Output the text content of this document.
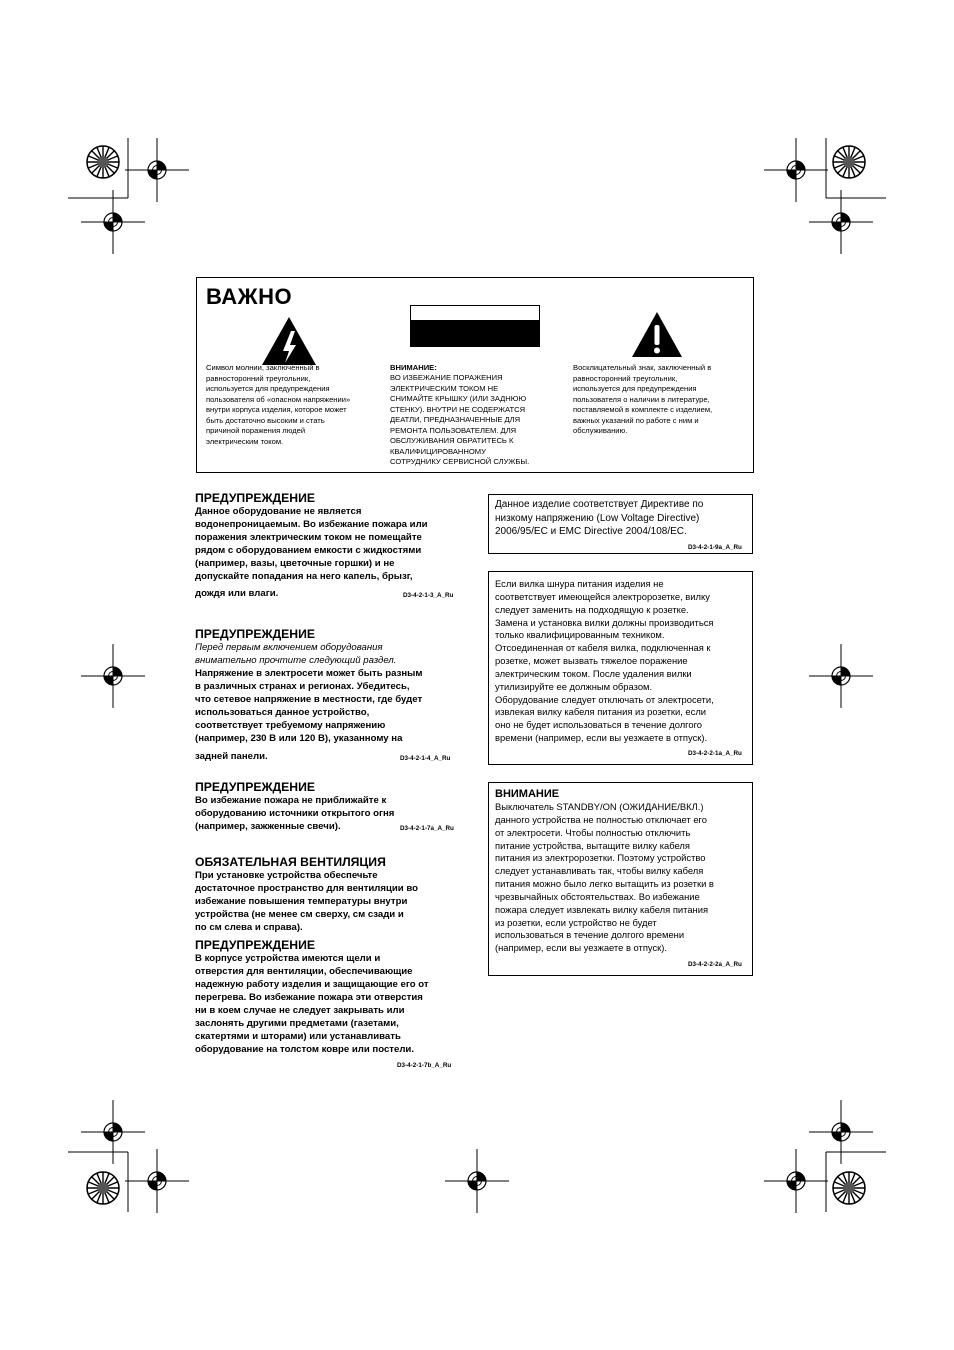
ВАЖНО
Символ молнии, заключенный в
равносторонний треугольник,
используется для предупреждения
пользователя об «опасном напряжении»
внутри корпуса изделия, которое может
быть достаточно высоким и стать
причиной поражения людей
электрическим током.
ВНИМАНИЕ:
ВО ИЗБЕЖАНИЕ ПОРАЖЕНИЯ
ЭЛЕКТРИЧЕСКИМ ТОКОМ НЕ
СНИМАЙТЕ КРЫШКУ (ИЛИ ЗАДНЮЮ
СТЕНКУ). ВНУТРИ НЕ СОДЕРЖАТСЯ
ДЕАТЛИ, ПРЕДНАЗНАЧЕННЫЕ ДЛЯ
РЕМОНТА ПОЛЬЗОВАТЕЛЕМ. ДЛЯ
ОБСЛУЖИВАНИЯ ОБРАТИТЕСЬ К
КВАЛИФИЦИРОВАННОМУ
СОТРУДНИКУ СЕРВИСНОЙ СЛУЖБЫ.
Восклицательный знак, заключенный в
равносторонний треугольник,
используется для предупреждения
пользователя о наличии в литературе,
поставляемой в комплекте с изделием,
важных указаний по работе с ним и
обслуживанию.
ПРЕДУПРЕЖДЕНИЕ
Данное оборудование не является
водонепроницаемым. Во избежание пожара или
поражения электрическим током не помещайте
рядом с оборудованием емкости с жидкостями
(например, вазы, цветочные горшки) и не
допускайте попадания на него капель, брызг,
дождя или влаги.	D3-4-2-1-3_A_Ru
ПРЕДУПРЕЖДЕНИЕ
Перед первым включением оборудования
внимательно прочтите следующий раздел.
Напряжение в электросети может быть разным
в различных странах и регионах. Убедитесь,
что сетевое напряжение в местности, где будет
использоваться данное устройство,
соответствует требуемому напряжению
(например, 230 В или 120 В), указанному на
задней панели.	D3-4-2-1-4_A_Ru
ПРЕДУПРЕЖДЕНИЕ
Во избежание пожара не приближайте к
оборудованию источники открытого огня
(например, зажженные свечи).	D3-4-2-1-7a_A_Ru
ОБЯЗАТЕЛЬНАЯ ВЕНТИЛЯЦИЯ
При установке устройства обеспечьте
достаточное пространство для вентиляции во
избежание повышения температуры внутри
устройства (не менее см сверху, см сзади и
по см слева и справа).
ПРЕДУПРЕЖДЕНИЕ
В корпусе устройства имеются щели и
отверстия для вентиляции, обеспечивающие
надежную работу изделия и защищающие его от
перегрева. Во избежание пожара эти отверстия
ни в коем случае не следует закрывать или
заслонять другими предметами (газетами,
скатертями и шторами) или устанавливать
оборудование на толстом ковре или постели.
D3-4-2-1-7b_A_Ru
Данное изделие соответствует Директиве по
низкому напряжению (Low Voltage Directive)
2006/95/EC и EMC Directive 2004/108/EC.
D3-4-2-1-9a_A_Ru
Если вилка шнура питания изделия не
соответствует имеющейся электророзетке, вилку
следует заменить на подходящую к розетке.
Замена и установка вилки должны производиться
только квалифицированным техником.
Отсоединенная от кабеля вилка, подключенная к
розетке, может вызвать тяжелое поражение
электрическим током. После удаления вилки
утилизируйте ее должным образом.
Оборудование следует отключать от электросети,
извлекая вилку кабеля питания из розетки, если
оно не будет использоваться в течение долгого
времени (например, если вы уезжаете в отпуск).
D3-4-2-2-1a_A_Ru
ВНИМАНИЕ
Выключатель STANDBY/ON (ОЖИДАНИЕ/ВКЛ.)
данного устройства не полностью отключает его
от электросети. Чтобы полностью отключить
питание устройства, вытащите вилку кабеля
питания из электророзетки. Поэтому устройство
следует устанавливать так, чтобы вилку кабеля
питания можно было легко вытащить из розетки в
чрезвычайных обстоятельствах. Во избежание
пожара следует извлекать вилку кабеля питания
из розетки, если устройство не будет
использоваться в течение долгого времени
(например, если вы уезжаете в отпуск).
D3-4-2-2-2a_A_Ru
